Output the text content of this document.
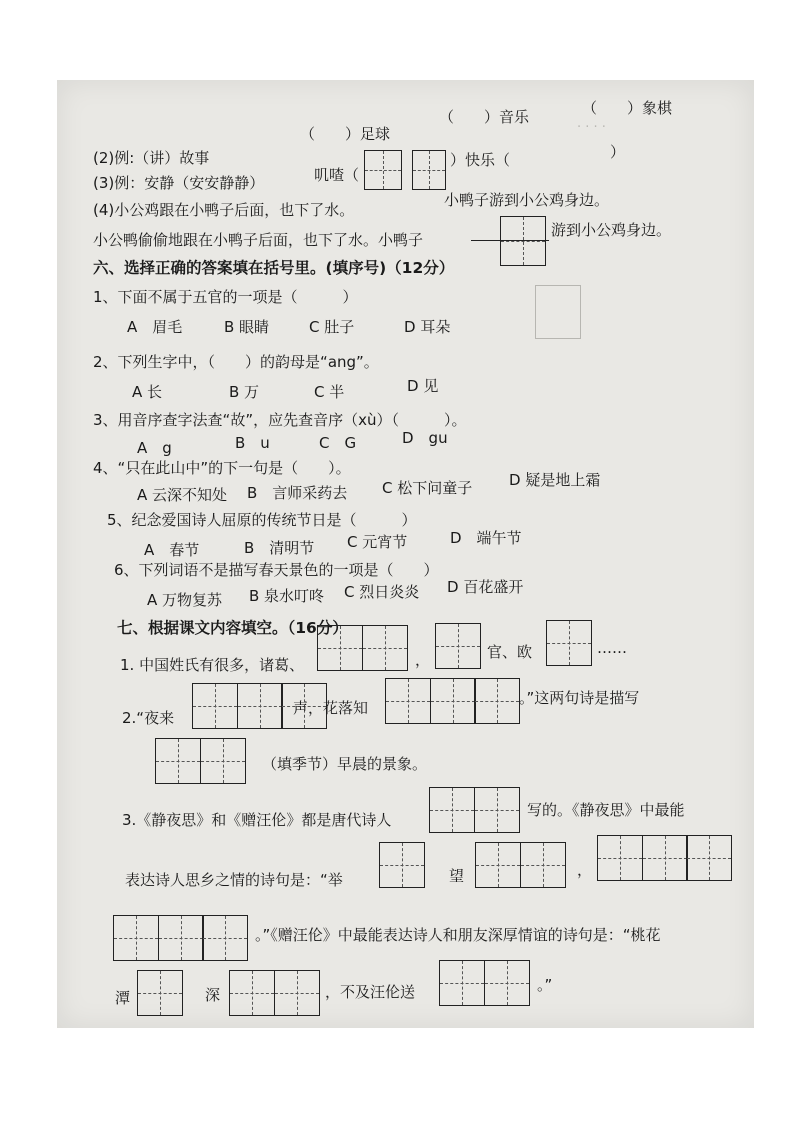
· · · ·
（　　）音乐	（　　）象棋
(2)例:（讲）故事
（　　）足球
）快乐（	）
(3)例：安静（安安静静）	叽喳（
(4)小公鸡跟在小鸭子后面，也下了水。
小鸭子游到小公鸡身边。
小公鸭偷偷地跟在小鸭子后面，也下了水。小鸭子
游到小公鸡身边。
六、选择正确的答案填在括号里。(填序号)（12分）
1、下面不属于五官的一项是（　　　）
A　眉毛	B 眼睛	C 肚子	D 耳朵
2、下列生字中，（　　）的韵母是“ang”。
A 长	B 万	C 半	D 见
3、用音序查字法查“故”，应先查音序（xù）（　　　）。
A　g	B　u	C　G	D　gu
4、“只在此山中”的下一句是（　　）。
A 云深不知处 B　言师采药去 C 松下问童子 D 疑是地上霜
5、纪念爱国诗人屈原的传统节日是（　　　）
A　春节	B　清明节 C 元宵节	D　端午节
6、下列词语不是描写春天景色的一项是（　　）
A 万物复苏 B 泉水叮咚 C 烈日炎炎 D 百花盛开
七、根据课文内容填空。（16分）
1. 中国姓氏有很多，诸葛、	，	官、欧	……
2.“夜来
声，花落知
。”这两句诗是描写
（填季节）早晨的景象。
3.《静夜思》和《赠汪伦》都是唐代诗人
写的。《静夜思》中最能
表达诗人思乡之情的诗句是：“举	望	，
。”《赠汪伦》中最能表达诗人和朋友深厚情谊的诗句是：“桃花
潭	深	，不及汪伦送	。”
